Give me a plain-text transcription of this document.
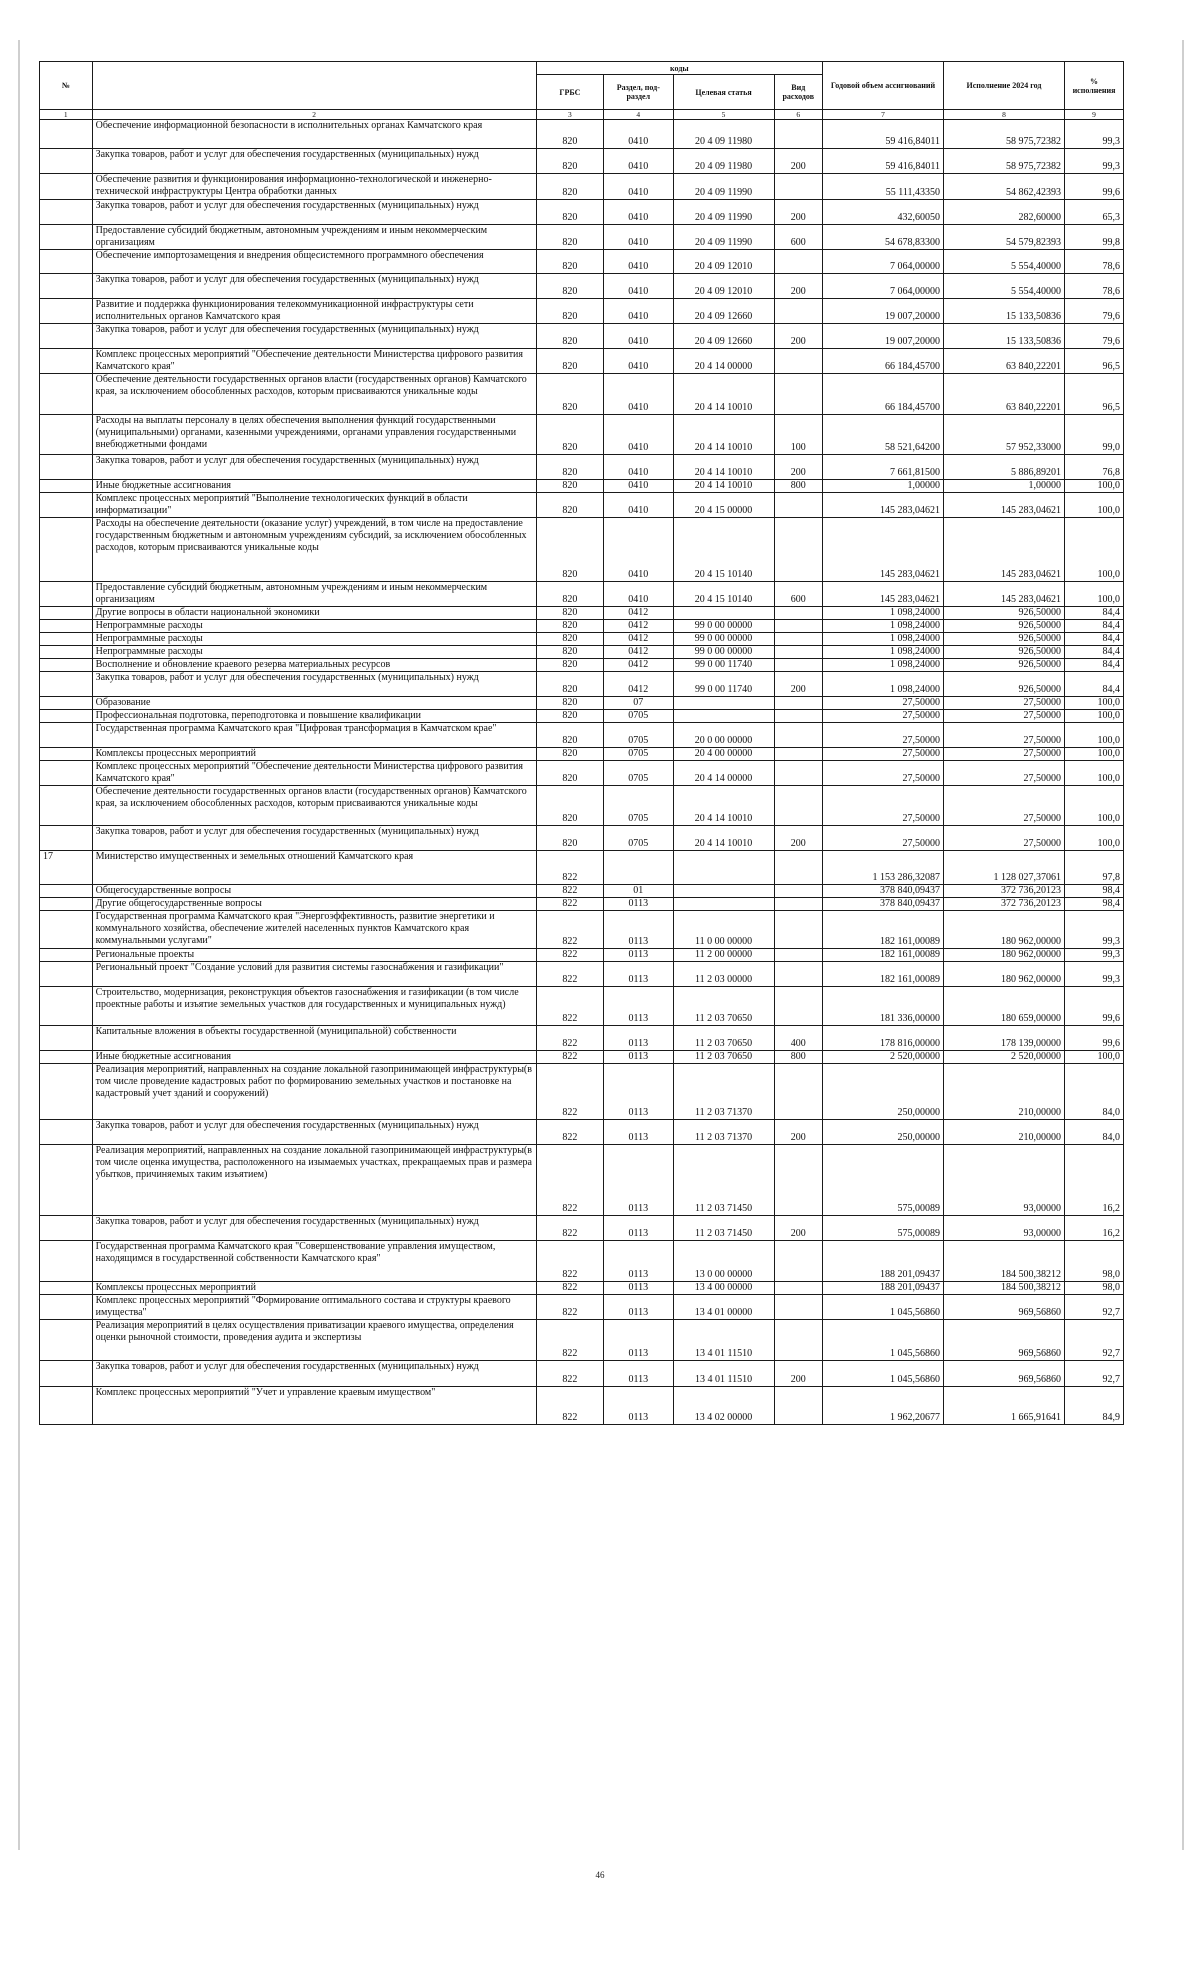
№		коды				Годовой объем ассигнований	Исполнение 2024 год	% исполнения
		ГРБС	Раздел, под-раздел	Целевая статья	Вид расходов			
1	2	3	4	5	6	7	8	9
	Обеспечение информационной безопасности в исполнительных органах Камчатского края	820	0410	20 4 09 11980		59 416,84011	58 975,72382	99,3
	Закупка товаров, работ и услуг для обеспечения государственных (муниципальных) нужд	820	0410	20 4 09 11980	200	59 416,84011	58 975,72382	99,3
	Обеспечение развития и функционирования информационно-технологической и инженерно-технической инфраструктуры Центра обработки данных	820	0410	20 4 09 11990		55 111,43350	54 862,42393	99,6
	Закупка товаров, работ и услуг для обеспечения государственных (муниципальных) нужд	820	0410	20 4 09 11990	200	432,60050	282,60000	65,3
	Предоставление субсидий бюджетным, автономным учреждениям и иным некоммерческим организациям	820	0410	20 4 09 11990	600	54 678,83300	54 579,82393	99,8
	Обеспечение импортозамещения и внедрения общесистемного программного обеспечения	820	0410	20 4 09 12010		7 064,00000	5 554,40000	78,6
	Закупка товаров, работ и услуг для обеспечения государственных (муниципальных) нужд	820	0410	20 4 09 12010	200	7 064,00000	5 554,40000	78,6
	Развитие и поддержка функционирования телекоммуникационной инфраструктуры сети исполнительных органов Камчатского края	820	0410	20 4 09 12660		19 007,20000	15 133,50836	79,6
	Закупка товаров, работ и услуг для обеспечения государственных (муниципальных) нужд	820	0410	20 4 09 12660	200	19 007,20000	15 133,50836	79,6
	Комплекс процессных мероприятий "Обеспечение деятельности Министерства цифрового развития Камчатского края"	820	0410	20 4 14 00000		66 184,45700	63 840,22201	96,5
	Обеспечение деятельности государственных органов власти (государственных органов) Камчатского края, за исключением обособленных расходов, которым присваиваются уникальные коды	820	0410	20 4 14 10010		66 184,45700	63 840,22201	96,5
	Расходы на выплаты персоналу в целях обеспечения выполнения функций государственными (муниципальными) органами, казенными учреждениями, органами управления государственными внебюджетными фондами	820	0410	20 4 14 10010	100	58 521,64200	57 952,33000	99,0
	Закупка товаров, работ и услуг для обеспечения государственных (муниципальных) нужд	820	0410	20 4 14 10010	200	7 661,81500	5 886,89201	76,8
	Иные бюджетные ассигнования	820	0410	20 4 14 10010	800	1,00000	1,00000	100,0
	Комплекс процессных мероприятий "Выполнение технологических функций в области информатизации"	820	0410	20 4 15 00000		145 283,04621	145 283,04621	100,0
	Расходы на обеспечение деятельности (оказание услуг) учреждений, в том числе на предоставление государственным бюджетным и автономным учреждениям субсидий, за исключением обособленных расходов, которым присваиваются уникальные коды	820	0410	20 4 15 10140		145 283,04621	145 283,04621	100,0
	Предоставление субсидий бюджетным, автономным учреждениям и иным некоммерческим организациям	820	0410	20 4 15 10140	600	145 283,04621	145 283,04621	100,0
	Другие вопросы в области национальной экономики	820	0412			1 098,24000	926,50000	84,4
	Непрограммные расходы	820	0412	99 0 00 00000		1 098,24000	926,50000	84,4
	Непрограммные расходы	820	0412	99 0 00 00000		1 098,24000	926,50000	84,4
	Непрограммные расходы	820	0412	99 0 00 00000		1 098,24000	926,50000	84,4
	Восполнение и обновление краевого резерва материальных ресурсов	820	0412	99 0 00 11740		1 098,24000	926,50000	84,4
	Закупка товаров, работ и услуг для обеспечения государственных (муниципальных) нужд	820	0412	99 0 00 11740	200	1 098,24000	926,50000	84,4
	Образование	820	07			27,50000	27,50000	100,0
	Профессиональная подготовка, переподготовка и повышение квалификации	820	0705			27,50000	27,50000	100,0
	Государственная программа Камчатского края "Цифровая трансформация в Камчатском крае"	820	0705	20 0 00 00000		27,50000	27,50000	100,0
	Комплексы процессных мероприятий	820	0705	20 4 00 00000		27,50000	27,50000	100,0
	Комплекс процессных мероприятий "Обеспечение деятельности Министерства цифрового развития Камчатского края"	820	0705	20 4 14 00000		27,50000	27,50000	100,0
	Обеспечение деятельности государственных органов власти (государственных органов) Камчатского края, за исключением обособленных расходов, которым присваиваются уникальные коды	820	0705	20 4 14 10010		27,50000	27,50000	100,0
	Закупка товаров, работ и услуг для обеспечения государственных (муниципальных) нужд	820	0705	20 4 14 10010	200	27,50000	27,50000	100,0
17	Министерство имущественных и земельных отношений Камчатского края	822				1 153 286,32087	1 128 027,37061	97,8
	Общегосударственные вопросы	822	01			378 840,09437	372 736,20123	98,4
	Другие общегосударственные вопросы	822	0113			378 840,09437	372 736,20123	98,4
	Государственная программа Камчатского края "Энергоэффективность, развитие энергетики и коммунального хозяйства, обеспечение жителей населенных пунктов Камчатского края коммунальными услугами"	822	0113	11 0 00 00000		182 161,00089	180 962,00000	99,3
	Региональные проекты	822	0113	11 2 00 00000		182 161,00089	180 962,00000	99,3
	Региональный проект "Создание условий для развития системы газоснабжения и газификации"	822	0113	11 2 03 00000		182 161,00089	180 962,00000	99,3
	Строительство, модернизация, реконструкция объектов газоснабжения и газификации (в том числе проектные работы и изъятие земельных участков для государственных и муниципальных нужд)	822	0113	11 2 03 70650		181 336,00000	180 659,00000	99,6
	Капитальные вложения в объекты государственной (муниципальной) собственности	822	0113	11 2 03 70650	400	178 816,00000	178 139,00000	99,6
	Иные бюджетные ассигнования	822	0113	11 2 03 70650	800	2 520,00000	2 520,00000	100,0
	Реализация мероприятий, направленных на создание локальной газопринимающей инфраструктуры(в том числе проведение кадастровых работ по формированию земельных участков и постановке на кадастровый учет зданий и сооружений)	822	0113	11 2 03 71370		250,00000	210,00000	84,0
	Закупка товаров, работ и услуг для обеспечения государственных (муниципальных) нужд	822	0113	11 2 03 71370	200	250,00000	210,00000	84,0
	Реализация мероприятий, направленных на создание локальной газопринимающей инфраструктуры(в том числе оценка имущества, расположенного на изымаемых участках, прекращаемых прав и размера убытков, причиняемых таким изъятием)	822	0113	11 2 03 71450		575,00089	93,00000	16,2
	Закупка товаров, работ и услуг для обеспечения государственных (муниципальных) нужд	822	0113	11 2 03 71450	200	575,00089	93,00000	16,2
	Государственная программа Камчатского края "Совершенствование управления имуществом, находящимся в государственной собственности Камчатского края"	822	0113	13 0 00 00000		188 201,09437	184 500,38212	98,0
	Комплексы процессных мероприятий	822	0113	13 4 00 00000		188 201,09437	184 500,38212	98,0
	Комплекс процессных мероприятий "Формирование оптимального состава и структуры краевого имущества"	822	0113	13 4 01 00000		1 045,56860	969,56860	92,7
	Реализация мероприятий в целях осуществления приватизации краевого имущества, определения оценки рыночной стоимости, проведения аудита и экспертизы	822	0113	13 4 01 11510		1 045,56860	969,56860	92,7
	Закупка товаров, работ и услуг для обеспечения государственных (муниципальных) нужд	822	0113	13 4 01 11510	200	1 045,56860	969,56860	92,7
	Комплекс процессных мероприятий "Учет и управление краевым имуществом"	822	0113	13 4 02 00000		1 962,20677	1 665,91641	84,9
46
